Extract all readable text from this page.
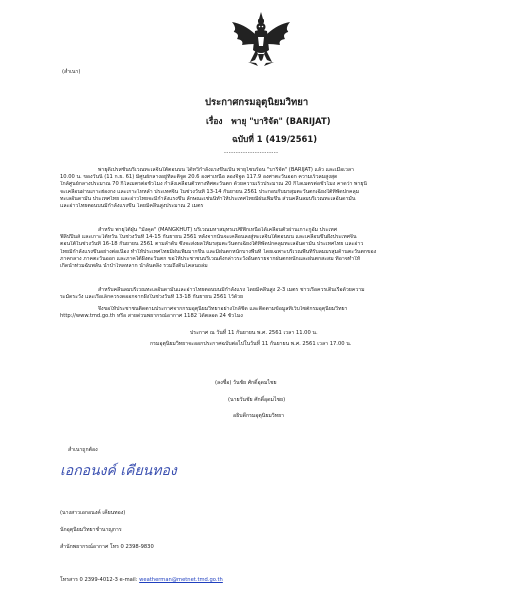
(สำเนา)
ประกาศกรมอุตุนิยมวิทยา
เรื่อง พายุ "บาริจัต" (BARIJAT)
ฉบับที่ 1 (419/2561)
-----------------------
พายุดีเปรสชันบริเวณทะเลจีนใต้ตอนบน ได้ทวีกำลังแรงขึ้นเป็น พายุโซนร้อน "บาริจัต" (BARIJAT) แล้ว และเมื่อเวลา
10.00 น. ของวันนี้ (11 ก.ย. 61) มีศูนย์กลางอยู่ที่ละติจูด 20.6 องศาเหนือ ลองจิจูด 117.9 องศาตะวันออก ความเร็วลมสูงสุด
ใกล้ศูนย์กลางประมาณ 70 กิโลเมตรต่อชั่วโมง กำลังเคลื่อนตัวทางทิศตะวันตก ด้วยความเร็วประมาณ 20 กิโลเมตรต่อชั่วโมง คาดว่า พายุนี้
จะเคลื่อนผ่านเกาะฮ่องกง และเกาะไหหลำ ประเทศจีน ในช่วงวันที่ 13-14 กันยายน 2561 ประกอบกับมรสุมตะวันตกเฉียงใต้ที่พัดปกคลุม
ทะเลอันดามัน ประเทศไทย และอ่าวไทยจะมีกำลังแรงขึ้น ลักษณะเช่นนี้ทำให้ประเทศไทยมีฝนเพิ่มขึ้น ส่วนคลื่นลมบริเวณทะเลอันดามัน
และอ่าวไทยตอนบนมีกำลังแรงขึ้น โดยมีคลื่นสูงประมาณ 2 เมตร
สำหรับ พายุไต้ฝุ่น "มังคุด" (MANGKHUT) บริเวณมหาสมุทรแปซิฟิกเหนือได้เคลื่อนตัวผ่านเกาะกูอัม ประเทศ
ฟิลิปปินส์ และเกาะไต้หวัน ในช่วงวันที่ 14-15 กันยายน 2561 หลังจากนั้นจะเคลื่อนลงสู่ทะเลจีนใต้ตอนบน และเคลื่อนขึ้นฝั่งประเทศจีน
ตอนใต้ในช่วงวันที่ 16-18 กันยายน 2561 ตามลำดับ ซึ่งจะส่งผลให้มรสุมตะวันตกเฉียงใต้ที่พัดปกคลุมทะเลอันดามัน ประเทศไทย และอ่าว
ไทยมีกำลังแรงขึ้นอย่างต่อเนื่อง ทำให้ประเทศไทยมีฝนเพิ่มมากขึ้น และมีฝนตกหนักบางพื้นที่ โดยเฉพาะบริเวณพื้นที่รับลมมรสุมด้านตะวันตกของ
ภาคกลาง ภาคตะวันออก และภาคใต้ฝั่งตะวันตก ขอให้ประชาชนบริเวณดังกล่าวระวังอันตรายจากฝนตกหนักและฝนตกสะสม ที่อาจทำให้
เกิดน้ำท่วมฉับพลัน น้ำป่าไหลหลาก น้ำล้นตลิ่ง รวมถึงดินโคลนถล่ม
สำหรับคลื่นลมบริเวณทะเลอันดามันและอ่าวไทยตอนบนมีกำลังแรง โดยมีคลื่นสูง 2-3 เมตร ชาวเรือควรเดินเรือด้วยความ
ระมัดระวัง และเรือเล็กควรงดออกจากฝั่งในช่วงวันที่ 13-18 กันยายน 2561 ไว้ด้วย
จึงขอให้ประชาชนติดตามประกาศจากกรมอุตุนิยมวิทยาอย่างใกล้ชิด และติดตามข้อมูลที่เว็บไซต์กรมอุตุนิยมวิทยา
http://www.tmd.go.th หรือ สายด่วนพยากรณ์อากาศ 1182 ได้ตลอด 24 ชั่วโมง
ประกาศ ณ วันที่ 11 กันยายน พ.ศ. 2561 เวลา 11.00 น.
กรมอุตุนิยมวิทยาจะออกประกาศฉบับต่อไปในวันที่ 11 กันยายน พ.ศ. 2561 เวลา 17.00 น.
(ลงชื่อ) วันชัย ศักดิ์อุดมไชย
(นายวันชัย ศักดิ์อุดมไชย)
อธิบดีกรมอุตุนิยมวิทยา
สำเนาถูกต้อง
เอกอนงค์ เคียนทอง
(นางสาวเอกอนงค์ เคียนทอง)
นักอุตุนิยมวิทยาชำนาญการ
สำนักพยากรณ์อากาศ โทร 0 2398-9830
โทรสาร 0 2399-4012-3 e-mail: weatherman@metnet.tmd.go.th
